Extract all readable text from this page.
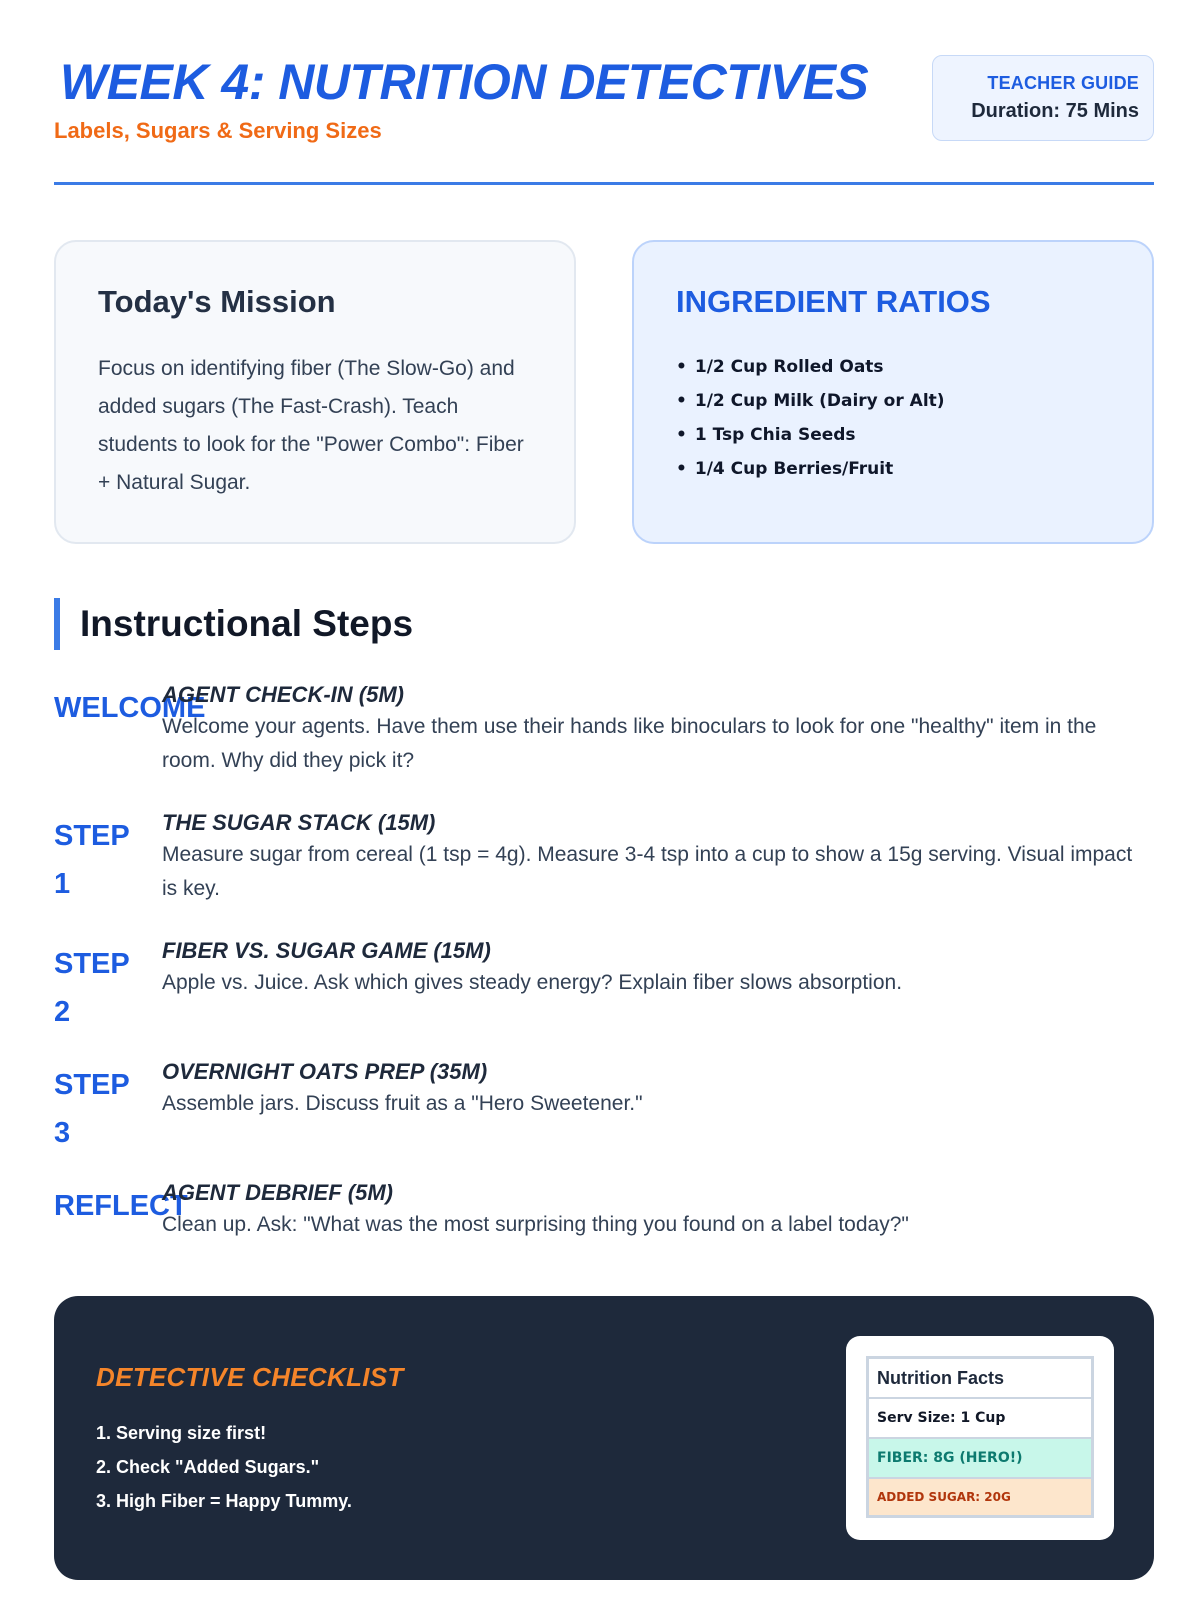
WEEK 4: NUTRITION DETECTIVES
Labels, Sugars & Serving Sizes
TEACHER GUIDE
Duration: 75 Mins
Today's Mission

Focus on identifying fiber (The Slow-Go) and added sugars (The Fast-Crash). Teach students to look for the "Power Combo": Fiber + Natural Sugar.

INGREDIENT RATIOS
• 1/2 Cup Rolled Oats
• 1/2 Cup Milk (Dairy or Alt)
• 1 Tsp Chia Seeds
• 1/4 Cup Berries/Fruit
Instructional Steps
WELCOME
AGENT CHECK-IN (5M)

Welcome your agents. Have them use their hands like binoculars to look for one "healthy" item in the room. Why did they pick it?

STEP 1
THE SUGAR STACK (15M)

Measure sugar from cereal (1 tsp = 4g). Measure 3-4 tsp into a cup to show a 15g serving. Visual impact is key.

STEP 2
FIBER VS. SUGAR GAME (15M)

Apple vs. Juice. Ask which gives steady energy? Explain fiber slows absorption.

STEP 3
OVERNIGHT OATS PREP (35M)

Assemble jars. Discuss fruit as a "Hero Sweetener."

REFLECT
AGENT DEBRIEF (5M)

Clean up. Ask: "What was the most surprising thing you found on a label today?"

DETECTIVE CHECKLIST
1. Serving size first!
2. Check "Added Sugars."
3. High Fiber = Happy Tummy.
Nutrition Facts
Serv Size: 1 Cup
FIBER: 8G (HERO!)
ADDED SUGAR: 20G
